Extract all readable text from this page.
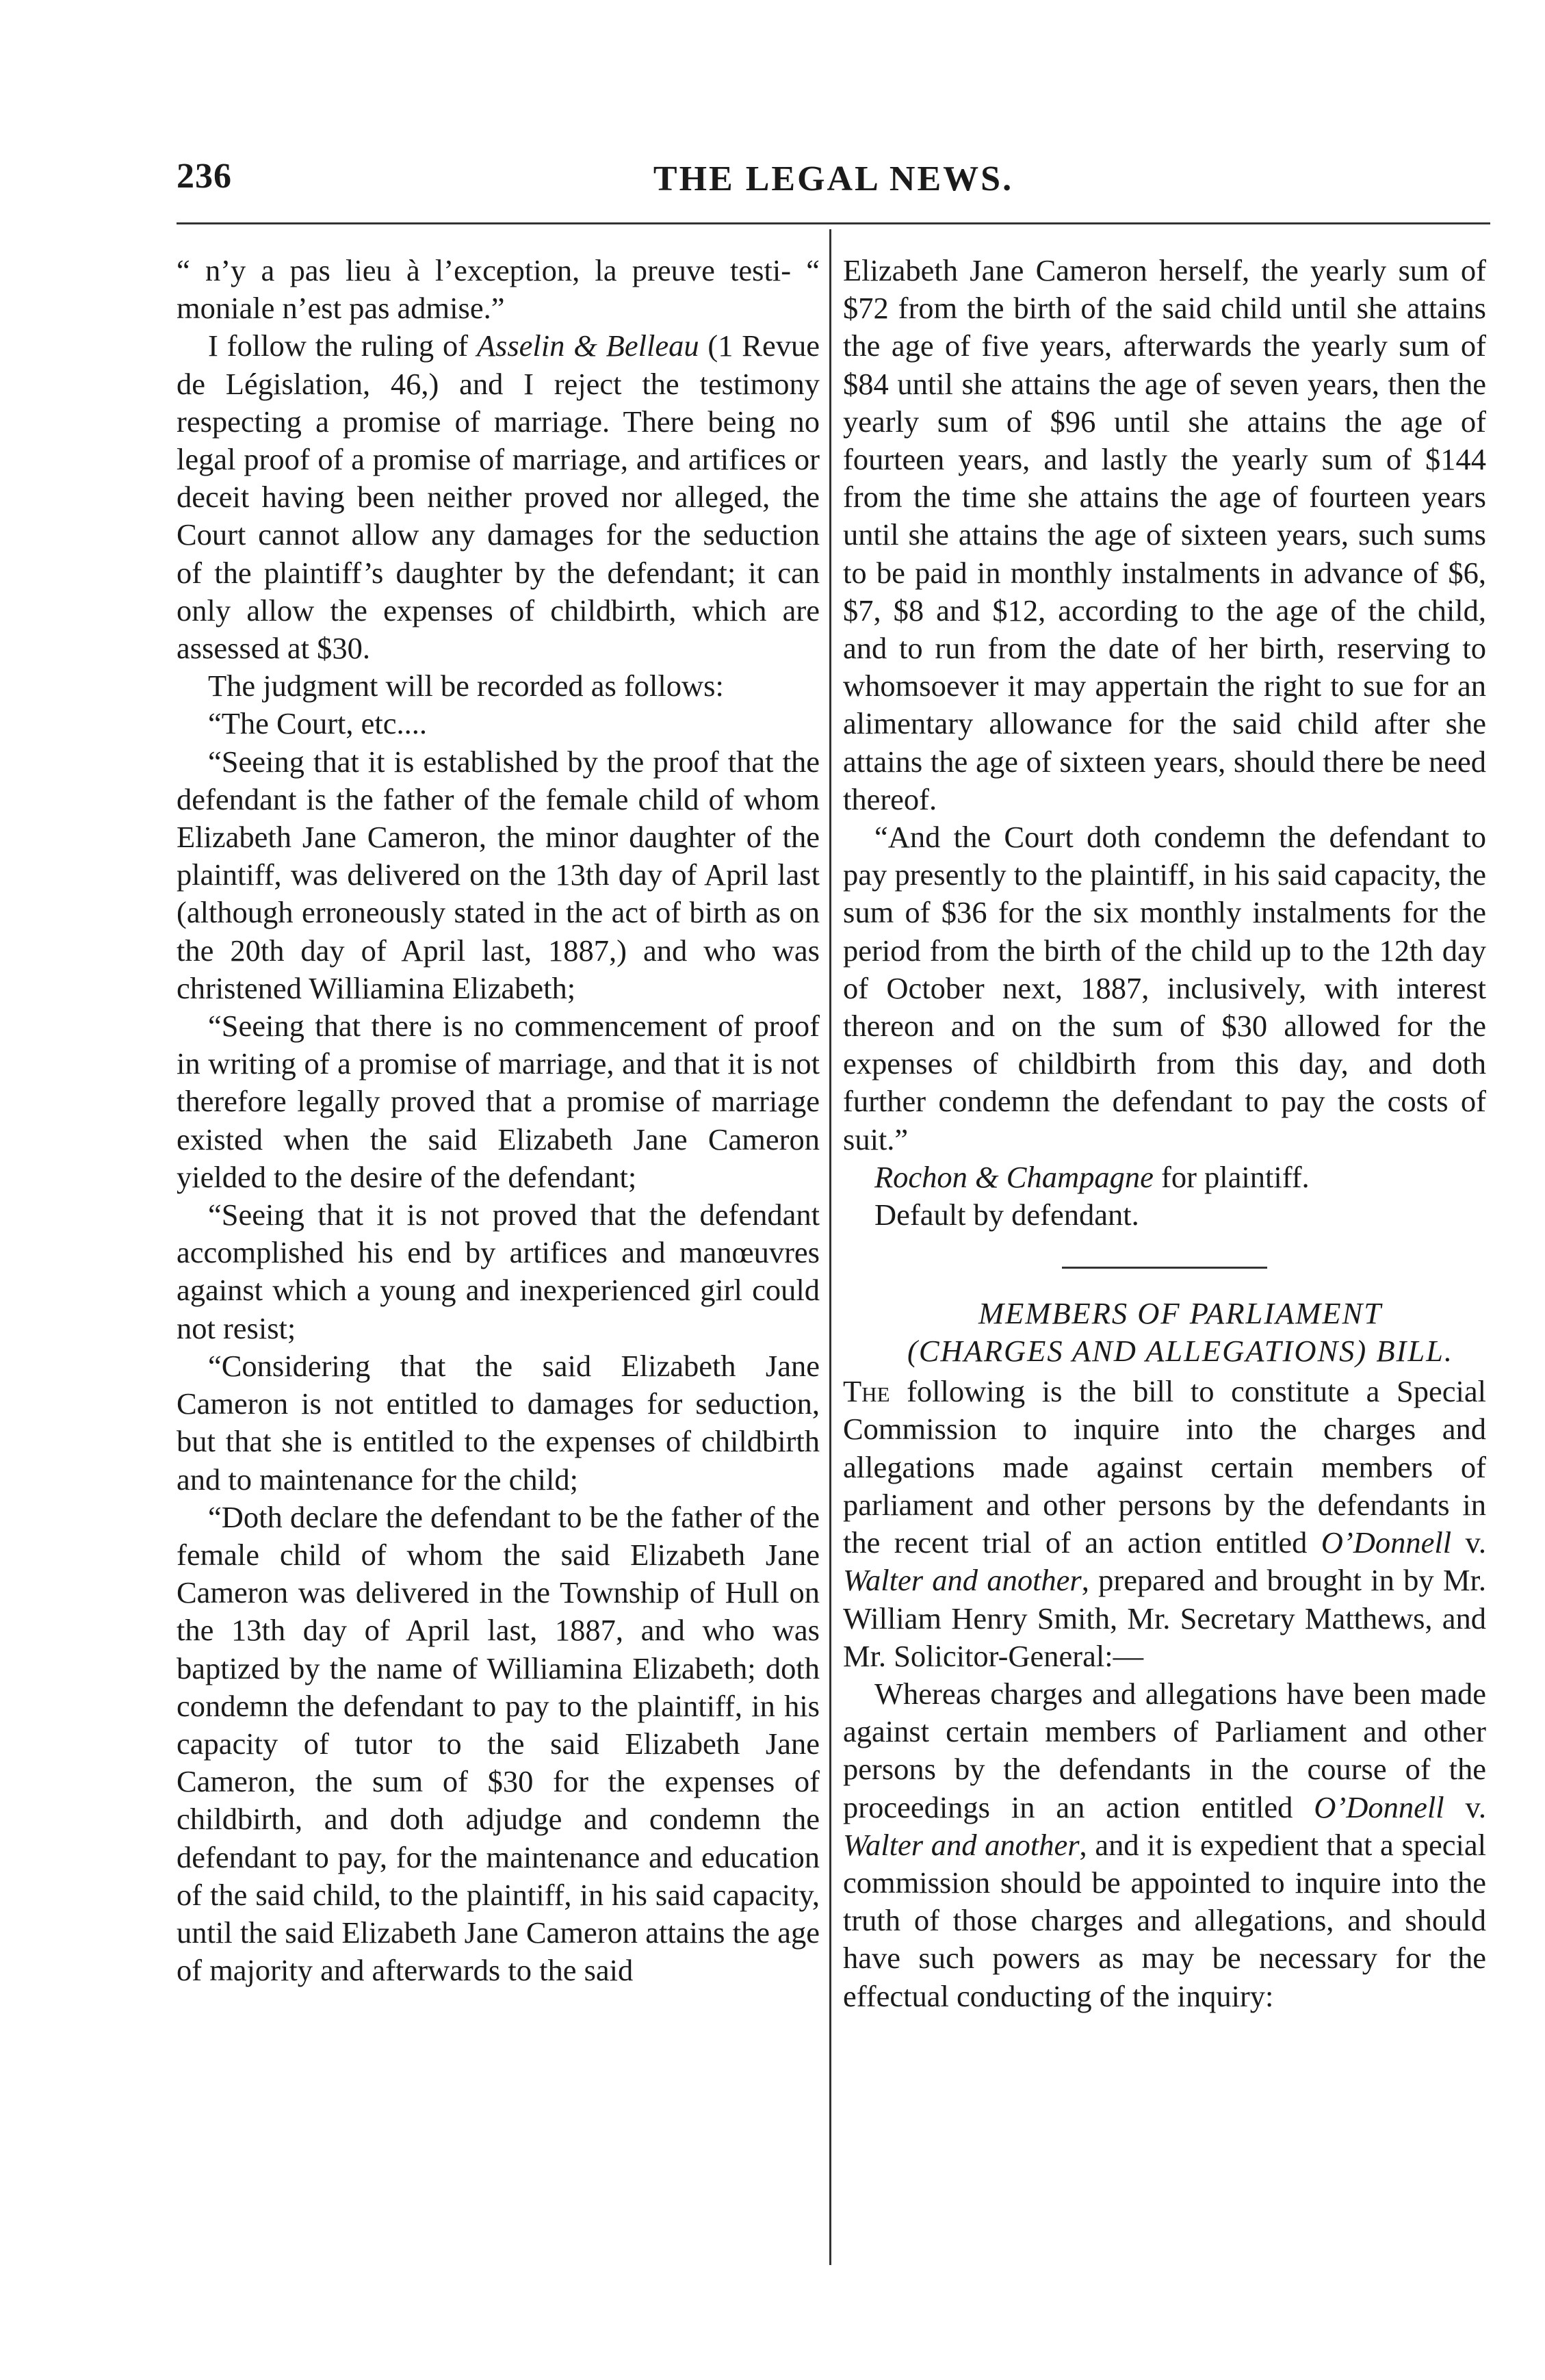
236	THE LEGAL NEWS.

“ n’y a pas lieu à l’exception, la preuve testi- “ moniale n’est pas admise.”

I follow the ruling of Asselin & Belleau (1 Revue de Législation, 46,) and I reject the testimony respecting a promise of marriage. There being no legal proof of a promise of marriage, and artifices or deceit having been neither proved nor alleged, the Court cannot allow any damages for the seduction of the plaintiff’s daughter by the defendant; it can only allow the expenses of childbirth, which are assessed at $30.

The judgment will be recorded as follows:

“The Court, etc....

“Seeing that it is established by the proof that the defendant is the father of the female child of whom Elizabeth Jane Cameron, the minor daughter of the plaintiff, was delivered on the 13th day of April last (although erroneously stated in the act of birth as on the 20th day of April last, 1887,) and who was christened Williamina Elizabeth;

“Seeing that there is no commencement of proof in writing of a promise of marriage, and that it is not therefore legally proved that a promise of marriage existed when the said Elizabeth Jane Cameron yielded to the desire of the defendant;

“Seeing that it is not proved that the defendant accomplished his end by artifices and manœuvres against which a young and inexperienced girl could not resist;

“Considering that the said Elizabeth Jane Cameron is not entitled to damages for seduction, but that she is entitled to the expenses of childbirth and to maintenance for the child;

“Doth declare the defendant to be the father of the female child of whom the said Elizabeth Jane Cameron was delivered in the Township of Hull on the 13th day of April last, 1887, and who was baptized by the name of Williamina Elizabeth; doth condemn the defendant to pay to the plaintiff, in his capacity of tutor to the said Elizabeth Jane Cameron, the sum of $30 for the expenses of childbirth, and doth adjudge and condemn the defendant to pay, for the maintenance and education of the said child, to the plaintiff, in his said capacity, until the said Elizabeth Jane Cameron attains the age of majority and afterwards to the said

Elizabeth Jane Cameron herself, the yearly sum of $72 from the birth of the said child until she attains the age of five years, afterwards the yearly sum of $84 until she attains the age of seven years, then the yearly sum of $96 until she attains the age of fourteen years, and lastly the yearly sum of $144 from the time she attains the age of fourteen years until she attains the age of sixteen years, such sums to be paid in monthly instalments in advance of $6, $7, $8 and $12, according to the age of the child, and to run from the date of her birth, reserving to whomsoever it may appertain the right to sue for an alimentary allowance for the said child after she attains the age of sixteen years, should there be need thereof.

“And the Court doth condemn the defendant to pay presently to the plaintiff, in his said capacity, the sum of $36 for the six monthly instalments for the period from the birth of the child up to the 12th day of October next, 1887, inclusively, with interest thereon and on the sum of $30 allowed for the expenses of childbirth from this day, and doth further condemn the defendant to pay the costs of suit.”

Rochon & Champagne for plaintiff.

Default by defendant.

MEMBERS OF PARLIAMENT

(CHARGES AND ALLEGATIONS) BILL.

The following is the bill to constitute a Special Commission to inquire into the charges and allegations made against certain members of parliament and other persons by the defendants in the recent trial of an action entitled O’Donnell v. Walter and another, prepared and brought in by Mr. William Henry Smith, Mr. Secretary Matthews, and Mr. Solicitor-General:—

Whereas charges and allegations have been made against certain members of Parliament and other persons by the defendants in the course of the proceedings in an action entitled O’Donnell v. Walter and another, and it is expedient that a special commission should be appointed to inquire into the truth of those charges and allegations, and should have such powers as may be necessary for the effectual conducting of the inquiry:
